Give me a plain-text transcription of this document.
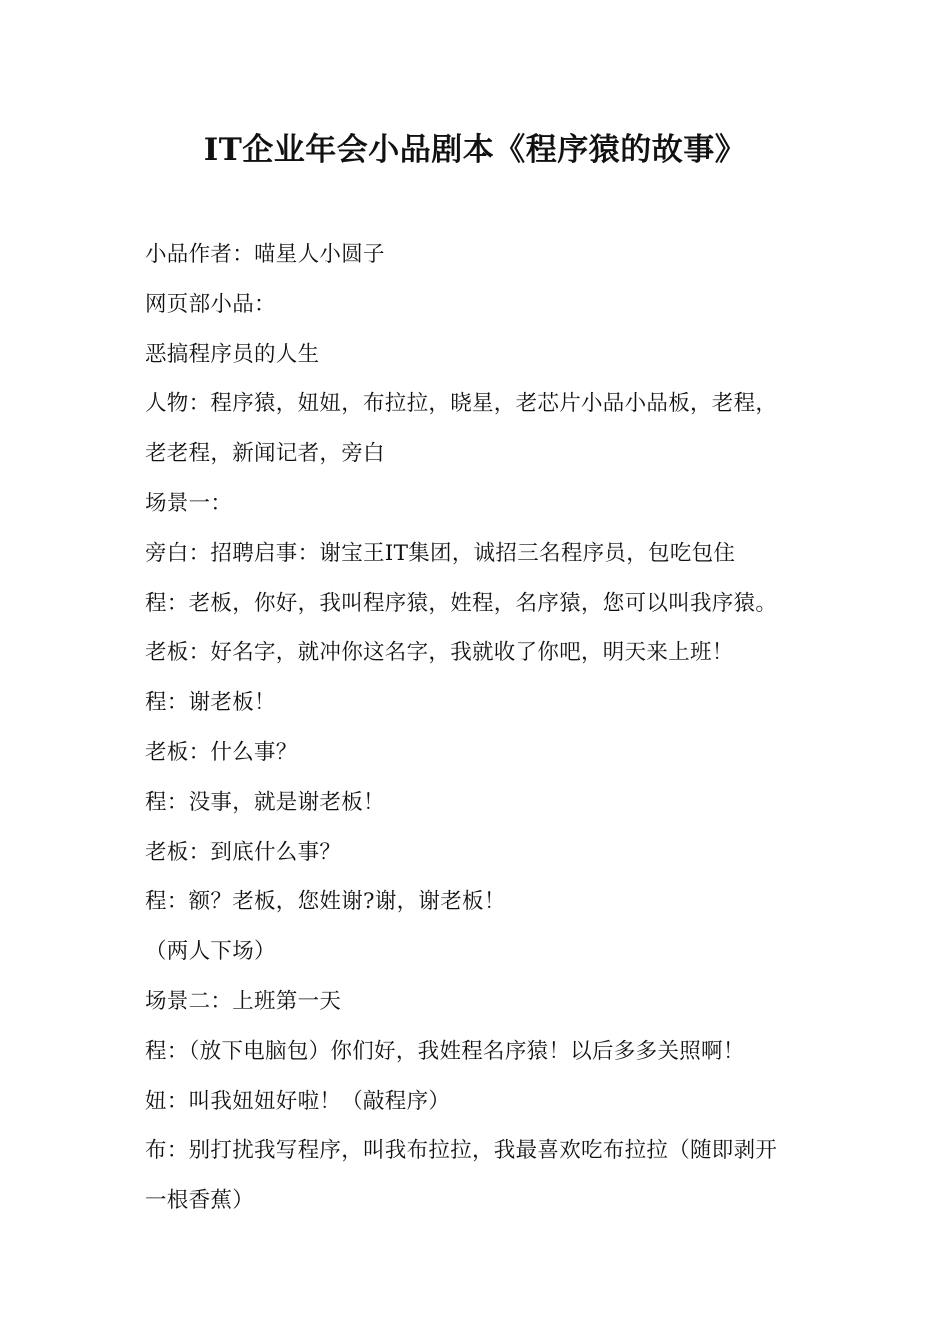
IT企业年会小品剧本《程序猿的故事》
小品作者：喵星人小圆子
网页部小品：
恶搞程序员的人生
人物：程序猿，妞妞，布拉拉，晓星，老芯片小品小品板，老程，
老老程，新闻记者，旁白
场景一：
旁白：招聘启事：谢宝王IT集团，诚招三名程序员，包吃包住
程：老板，你好，我叫程序猿，姓程，名序猿，您可以叫我序猿。
老板：好名字，就冲你这名字，我就收了你吧，明天来上班！
程：谢老板！
老板：什么事？
程：没事，就是谢老板！
老板：到底什么事？
程：额？老板，您姓谢?谢，谢老板！
（两人下场）
场景二：上班第一天
程：（放下电脑包）你们好，我姓程名序猿！以后多多关照啊！
妞：叫我妞妞好啦！（敲程序）
布：别打扰我写程序，叫我布拉拉，我最喜欢吃布拉拉（随即剥开
一根香蕉）
